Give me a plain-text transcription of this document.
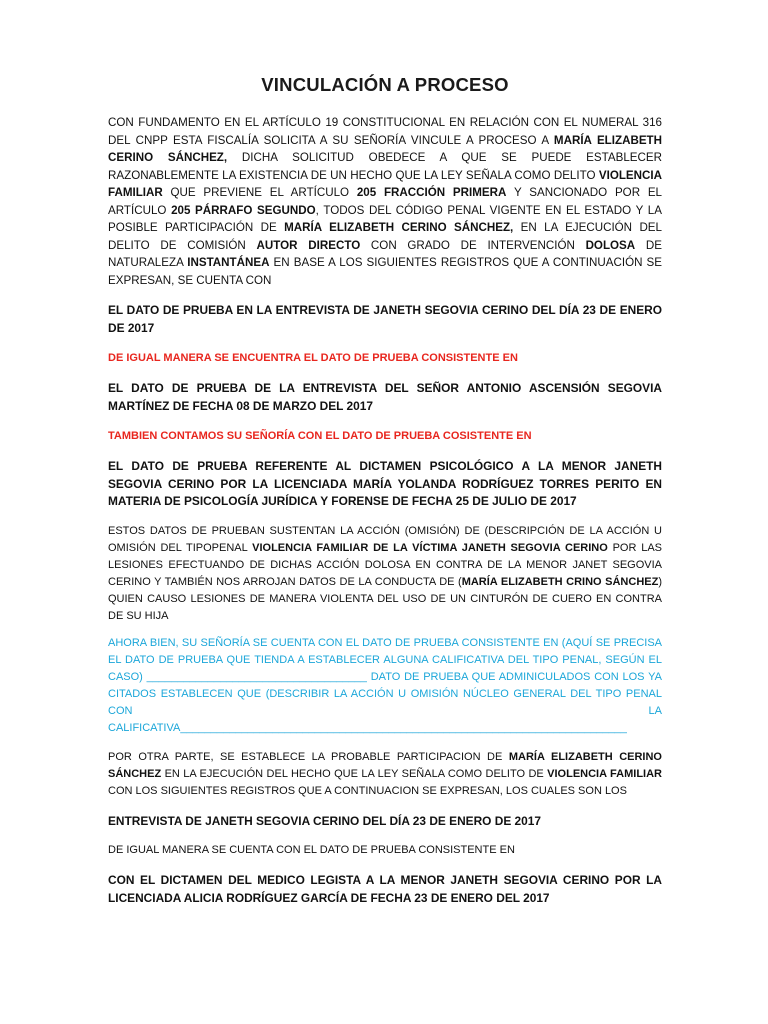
VINCULACIÓN A PROCESO

CON FUNDAMENTO EN EL ARTÍCULO 19 CONSTITUCIONAL EN RELACIÓN CON EL NUMERAL 316 DEL CNPP ESTA FISCALÍA SOLICITA A SU SEÑORÍA VINCULE A PROCESO A MARÍA ELIZABETH CERINO SÁNCHEZ, DICHA SOLICITUD OBEDECE A QUE SE PUEDE ESTABLECER RAZONABLEMENTE LA EXISTENCIA DE UN HECHO QUE LA LEY SEÑALA COMO DELITO VIOLENCIA FAMILIAR QUE PREVIENE EL ARTÍCULO 205 FRACCIÓN PRIMERA Y SANCIONADO POR EL ARTÍCULO 205 PÁRRAFO SEGUNDO, TODOS DEL CÓDIGO PENAL VIGENTE EN EL ESTADO Y LA POSIBLE PARTICIPACIÓN DE MARÍA ELIZABETH CERINO SÁNCHEZ, EN LA EJECUCIÓN DEL DELITO DE COMISIÓN AUTOR DIRECTO CON GRADO DE INTERVENCIÓN DOLOSA DE NATURALEZA INSTANTÁNEA EN BASE A LOS SIGUIENTES REGISTROS QUE A CONTINUACIÓN SE EXPRESAN, SE CUENTA CON

EL DATO DE PRUEBA EN LA ENTREVISTA DE JANETH SEGOVIA CERINO DEL DÍA 23 DE ENERO DE 2017

DE IGUAL MANERA SE ENCUENTRA EL DATO DE PRUEBA CONSISTENTE EN

EL DATO DE PRUEBA DE LA ENTREVISTA DEL SEÑOR ANTONIO ASCENSIÓN SEGOVIA MARTÍNEZ DE FECHA 08 DE MARZO DEL 2017

TAMBIEN CONTAMOS SU SEÑORÍA CON EL DATO DE PRUEBA COSISTENTE EN

EL DATO DE PRUEBA REFERENTE AL DICTAMEN PSICOLÓGICO A LA MENOR JANETH SEGOVIA CERINO POR LA LICENCIADA MARÍA YOLANDA RODRÍGUEZ TORRES PERITO EN MATERIA DE PSICOLOGÍA JURÍDICA Y FORENSE DE FECHA 25 DE JULIO DE 2017

ESTOS DATOS DE PRUEBAN SUSTENTAN LA ACCIÓN (OMISIÓN) DE (DESCRIPCIÓN DE LA ACCIÓN U OMISIÓN DEL TIPOPENAL VIOLENCIA FAMILIAR DE LA VÍCTIMA JANETH SEGOVIA CERINO POR LAS LESIONES EFECTUANDO DE DICHAS ACCIÓN DOLOSA EN CONTRA DE LA MENOR JANET SEGOVIA CERINO Y TAMBIÉN NOS ARROJAN DATOS DE LA CONDUCTA DE (MARÍA ELIZABETH CRINO SÁNCHEZ) QUIEN CAUSO LESIONES DE MANERA VIOLENTA DEL USO DE UN CINTURÓN DE CUERO EN CONTRA DE SU HIJA

AHORA BIEN, SU SEÑORÍA SE CUENTA CON EL DATO DE PRUEBA CONSISTENTE EN (AQUÍ SE PRECISA EL DATO DE PRUEBA QUE TIENDA A ESTABLECER ALGUNA CALIFICATIVA DEL TIPO PENAL, SEGÚN EL CASO) ____________________________________ DATO DE PRUEBA QUE ADMINICULADOS CON LOS YA CITADOS ESTABLECEN QUE (DESCRIBIR LA ACCIÓN U OMISIÓN NÚCLEO GENERAL DEL TIPO PENAL CON LA CALIFICATIVA_________________________________________________________________________

POR OTRA PARTE, SE ESTABLECE LA PROBABLE PARTICIPACION DE MARÍA ELIZABETH CERINO SÁNCHEZ EN LA EJECUCIÓN DEL HECHO QUE LA LEY SEÑALA COMO DELITO DE VIOLENCIA FAMILIAR CON LOS SIGUIENTES REGISTROS QUE A CONTINUACION SE EXPRESAN, LOS CUALES SON LOS

ENTREVISTA DE JANETH SEGOVIA CERINO DEL DÍA 23 DE ENERO DE 2017

DE IGUAL MANERA SE CUENTA CON EL DATO DE PRUEBA CONSISTENTE EN

CON EL DICTAMEN DEL MEDICO LEGISTA A LA MENOR JANETH SEGOVIA CERINO POR LA LICENCIADA ALICIA RODRÍGUEZ GARCÍA DE FECHA 23 DE ENERO DEL 2017
